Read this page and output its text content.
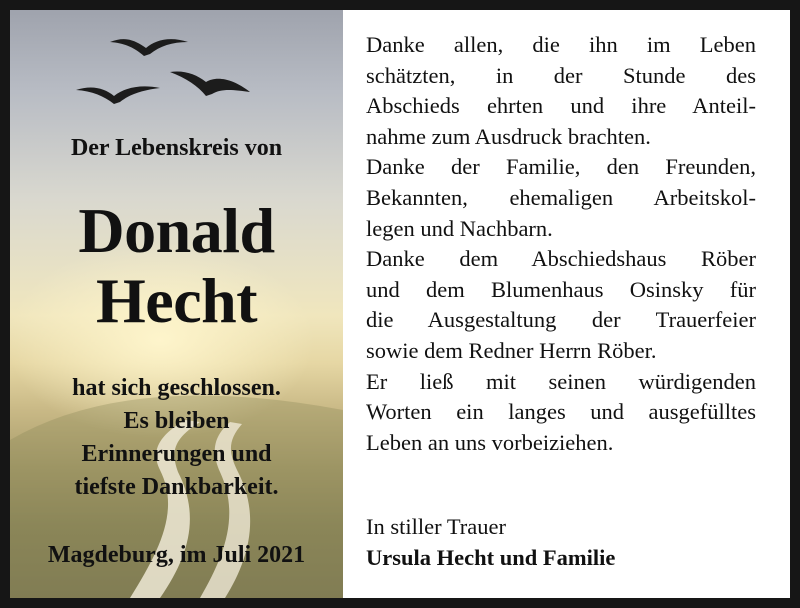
Der Lebenskreis von
Donald
Hecht
hat sich geschlossen.
Es bleiben
Erinnerungen und
tiefste Dankbarkeit.
Magdeburg, im Juli 2021
Danke allen, die ihn im Leben
schätzten, in der Stunde des
Abschieds ehrten und ihre Anteil-
nahme zum Ausdruck brachten.
Danke der Familie, den Freunden,
Bekannten, ehemaligen Arbeitskol-
legen und Nachbarn.
Danke dem Abschiedshaus Röber
und dem Blumenhaus Osinsky für
die Ausgestaltung der Trauerfeier
sowie dem Redner Herrn Röber.
Er ließ mit seinen würdigenden
Worten ein langes und ausgefülltes
Leben an uns vorbeiziehen.
In stiller Trauer
Ursula Hecht und Familie
